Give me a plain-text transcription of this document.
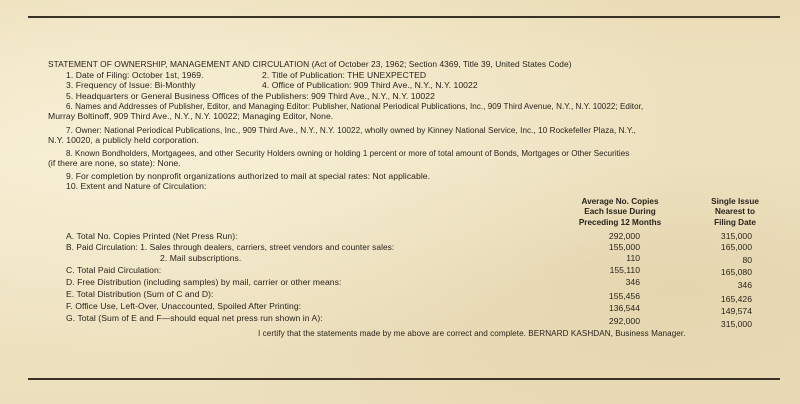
STATEMENT OF OWNERSHIP, MANAGEMENT AND CIRCULATION (Act of October 23, 1962; Section 4369, Title 39, United States Code)
1. Date of Filing: October 1st, 1969.	2. Title of Publication: THE UNEXPECTED
3. Frequency of Issue: Bi-Monthly	4. Office of Publication: 909 Third Ave., N.Y., N.Y. 10022
5. Headquarters or General Business Offices of the Publishers: 909 Third Ave., N.Y., N.Y. 10022
6. Names and Addresses of Publisher, Editor, and Managing Editor: Publisher, National Periodical Publications, Inc., 909 Third Avenue, N.Y., N.Y. 10022; Editor,
Murray Boltinoff, 909 Third Ave., N.Y., N.Y. 10022; Managing Editor, None.
7. Owner: National Periodical Publications, Inc., 909 Third Ave., N.Y., N.Y. 10022, wholly owned by Kinney National Service, Inc., 10 Rockefeller Plaza, N.Y.,
N.Y. 10020, a publicly held corporation.
8. Known Bondholders, Mortgagees, and other Security Holders owning or holding 1 percent or more of total amount of Bonds, Mortgages or Other Securities
(if there are none, so state): None.
9. For completion by nonprofit organizations authorized to mail at special rates: Not applicable.
10. Extent and Nature of Circulation:
Average No. Copies
Each Issue During
Preceding 12 Months
Single Issue
Nearest to
Filing Date
A. Total No. Copies Printed (Net Press Run):	292,000	315,000
B. Paid Circulation: 1. Sales through dealers, carriers, street vendors and counter sales:	155,000	165,000
2. Mail subscriptions.	110	80
C. Total Paid Circulation:	155,110	165,080
D. Free Distribution (including samples) by mail, carrier or other means:	346	346
E. Total Distribution (Sum of C and D):	155,456	165,426
F. Office Use, Left-Over, Unaccounted, Spoiled After Printing:	136,544	149,574
G. Total (Sum of E and F—should equal net press run shown in A):	292,000	315,000
I certify that the statements made by me above are correct and complete. BERNARD KASHDAN, Business Manager.
